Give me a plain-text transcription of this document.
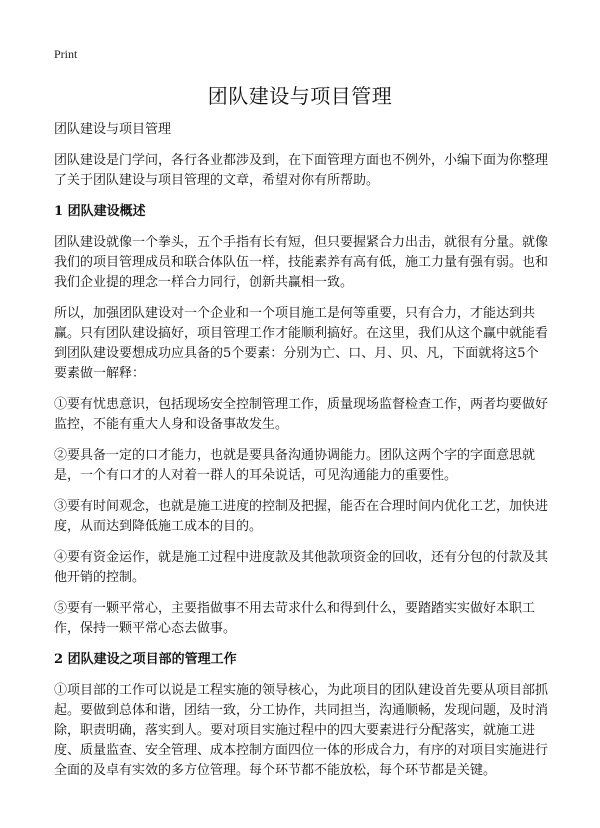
Print
团队建设与项目管理

团队建设与项目管理

团队建设是门学问，各行各业都涉及到，在下面管理方面也不例外，小编下面为你整理了关于团队建设与项目管理的文章，希望对你有所帮助。

1 团队建设概述

团队建设就像一个拳头，五个手指有长有短，但只要握紧合力出击，就很有分量。就像我们的项目管理成员和联合体队伍一样，技能素养有高有低，施工力量有强有弱。也和我们企业提的理念一样合力同行，创新共赢相一致。

所以，加强团队建设对一个企业和一个项目施工是何等重要，只有合力，才能达到共赢。只有团队建设搞好，项目管理工作才能顺利搞好。在这里，我们从这个赢中就能看到团队建设要想成功应具备的5个要素：分别为亡、口、月、贝、凡，下面就将这5个要素做一解释：

①要有忧患意识，包括现场安全控制管理工作，质量现场监督检查工作，两者均要做好监控，不能有重大人身和设备事故发生。

②要具备一定的口才能力，也就是要具备沟通协调能力。团队这两个字的字面意思就是，一个有口才的人对着一群人的耳朵说话，可见沟通能力的重要性。

③要有时间观念，也就是施工进度的控制及把握，能否在合理时间内优化工艺，加快进度，从而达到降低施工成本的目的。

④要有资金运作，就是施工过程中进度款及其他款项资金的回收，还有分包的付款及其他开销的控制。

⑤要有一颗平常心，主要指做事不用去苛求什么和得到什么，要踏踏实实做好本职工作，保持一颗平常心态去做事。

2 团队建设之项目部的管理工作

①项目部的工作可以说是工程实施的领导核心，为此项目的团队建设首先要从项目部抓起。要做到总体和谐，团结一致，分工协作，共同担当，沟通顺畅，发现问题，及时消除，职责明确，落实到人。要对项目实施过程中的四大要素进行分配落实，就施工进度、质量监查、安全管理、成本控制方面四位一体的形成合力，有序的对项目实施进行全面的及卓有实效的多方位管理。每个环节都不能放松，每个环节都是关键。
